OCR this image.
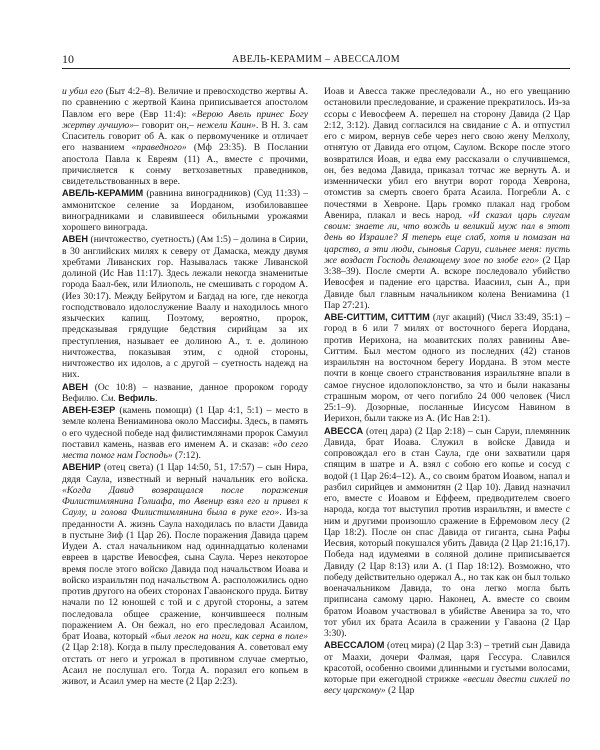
10	АВЕЛЬ-КЕРАМИМ – АВЕССАЛОМ

и убил его (Быт 4:2–8). Величие и превосходство жертвы А. по сравнению с жертвой Каина приписывается апостолом Павлом его вере (Евр 11:4): «Верою Авель принес Богу жертву лучшую»– говорит он,– нежели Каин». В Н. З. сам Спаситель говорит об А. как о первомученике и отличает его названием «праведного» (Мф 23:35). В Послании апостола Павла к Евреям (11) А., вместе с прочими, причисляется к сонму ветхозаветных праведников, свидетельствованных в вере.

АВЕЛЬ-КЕРАМИМ (равнина виноградников) (Суд 11:33) – аммонитское селение за Иорданом, изобиловавшее виноградниками и славившееся обильными урожаями хорошего винограда.

АВЕН (ничтожество, суетность) (Ам 1:5) – долина в Сирии, в 30 английских милях к северу от Дамаска, между двумя хребтами Ливанских гор. Называлась также Ливанской долиной (Ис Нав 11:17). Здесь лежали некогда знаменитые города Баал-бек, или Илиополь, не смешивать с городом А. (Иез 30:17). Между Бейрутом и Багдад на юге, где некогда господствовало идолослужение Ваалу и находилось много языческих капищ. Поэтому, вероятно, пророк, предсказывая грядущие бедствия сирийцам за их преступления, называет ее долиною А., т. е. долиною ничтожества, показывая этим, с одной стороны, ничтожество их идолов, а с другой – суетность надежд на них.

АВЕН (Ос 10:8) – название, данное пророком городу Вефилю. См. Вефиль.

АВЕН-ЕЗЕР (камень помощи) (1 Цар 4:1, 5:1) – место в земле колена Вениаминова около Массифы. Здесь, в память о его чудесной победе над филистимлянами пророк Самуил поставил камень, назвав его именем А. и сказав: «до сего места помог нам Господь» (7:12).

АВЕНИР (отец света) (1 Цар 14:50, 51, 17:57) – сын Нира, дядя Саула, известный и верный начальник его войска. «Когда Давид возвращался после поражения Филистимлянина Голиафа, то Авенир взял его и привел к Саулу, и голова Филистимлянина была в руке его». Из-за преданности А. жизнь Саула находилась по власти Давида в пустыне Зиф (1 Цар 26). После поражения Давида царем Иудеи А. стал начальником над одиннадцатью коленами евреев в царстве Иевосфея, сына Саула. Через некоторое время после этого войско Давида под начальством Иоава и войско израильтян под начальством А. расположились одно против другого на обеих сторонах Гаваонского пруда. Битву начали по 12 юношей с той и с другой стороны, а затем последовала общее сражение, кончившееся полным поражением А. Он бежал, но его преследовал Асаилом, брат Иоава, который «был легок на ноги, как серна в поле» (2 Цар 2:18). Когда в пылу преследования А. советовал ему отстать от него и угрожал в противном случае смертью, Асаил не послушал его. Тогда А. поразил его копьем в живот, и Асаил умер на месте (2 Цар 2:23).

Иоав и Авесса также преследовали А., но его увещанию остановили преследование, и сражение прекратилось. Из-за ссоры с Иевосфеем А. перешел на сторону Давида (2 Цар 2:12, 3:12). Давид согласился на свидание с А. и отпустил его с миром, вернув себе через него свою жену Мелхолу, отнятую от Давида его отцом, Саулом. Вскоре после этого возвратился Иоав, и едва ему рассказали о случившемся, он, без ведома Давида, приказал тотчас же вернуть А. и изменнически убил его внутри ворот города Хеврона, отомстив за смерть своего брата Асаила. Погребли А. с почестями в Хевроне. Царь громко плакал над гробом Авенира, плакал и весь народ. «И сказал царь слугам своим: знаете ли, что вождь и великий муж пал в этот день во Израиле? Я теперь еще слаб, хотя и помазан на царство, а эти люди, сыновья Саруи, сильнее меня: пусть же воздаст Господь делающему злое по злобе его» (2 Цар 3:38–39). После смерти А. вскоре последовало убийство Иевосфея и падение его царства. Иаасиил, сын А., при Давиде был главным начальником колена Вениамина (1 Пар 27:21).

АВЕ-СИТТИМ, СИТТИМ (луг акаций) (Числ 33:49, 35:1) – город в 6 или 7 милях от восточного берега Иордана, против Иерихона, на моавитских полях равнины Аве-Ситтим. Был местом одного из последних (42) станов израильтян на восточном берегу Иордана. В этом месте почти в конце своего странствования израильтяне впали в самое гнусное идолопоклонство, за что и были наказаны страшным мором, от чего погибло 24 000 человек (Числ 25:1–9). Дозорные, посланные Иисусом Навином в Иерихон, были также из А. (Ис Нав 2:1).

АВЕССА (отец дара) (2 Цар 2:18) – сын Саруи, племянник Давида, брат Иоава. Служил в войске Давида и сопровождал его в стан Саула, где они захватили царя спящим в шатре и А. взял с собою его копье и сосуд с водой (1 Цар 26:4–12). А., со своим братом Иоавом, напал и разбил сирийцев и аммонитян (2 Цар 10). Давид назначил его, вместе с Иоавом и Еффеем, предводителем своего народа, когда тот выступил против израильтян, и вместе с ним и другими произошло сражение в Ефремовом лесу (2 Цар 18:2). После он спас Давида от гиганта, сына Рафы Иесвия, который покушался убить Давида (2 Цар 21:16,17). Победа над идумеями в соляной долине приписывается Давиду (2 Цар 8:13) или А. (1 Пар 18:12). Возможно, что победу действительно одержал А., но так как он был только военачальником Давида, то она легко могла быть приписана самому царю. Наконец, А. вместе со своим братом Иоавом участвовал в убийстве Авенира за то, что тот убил их брата Асаила в сражении у Гаваона (2 Цар 3:30).

АВЕССАЛОМ (отец мира) (2 Цар 3:3) – третий сын Давида от Маахи, дочери Фалмая, царя Гессура. Славился красотой, особенно своими длинными и густыми волосами, которые при ежегодной стрижке «весили двести сиклей по весу царскому» (2 Цар
